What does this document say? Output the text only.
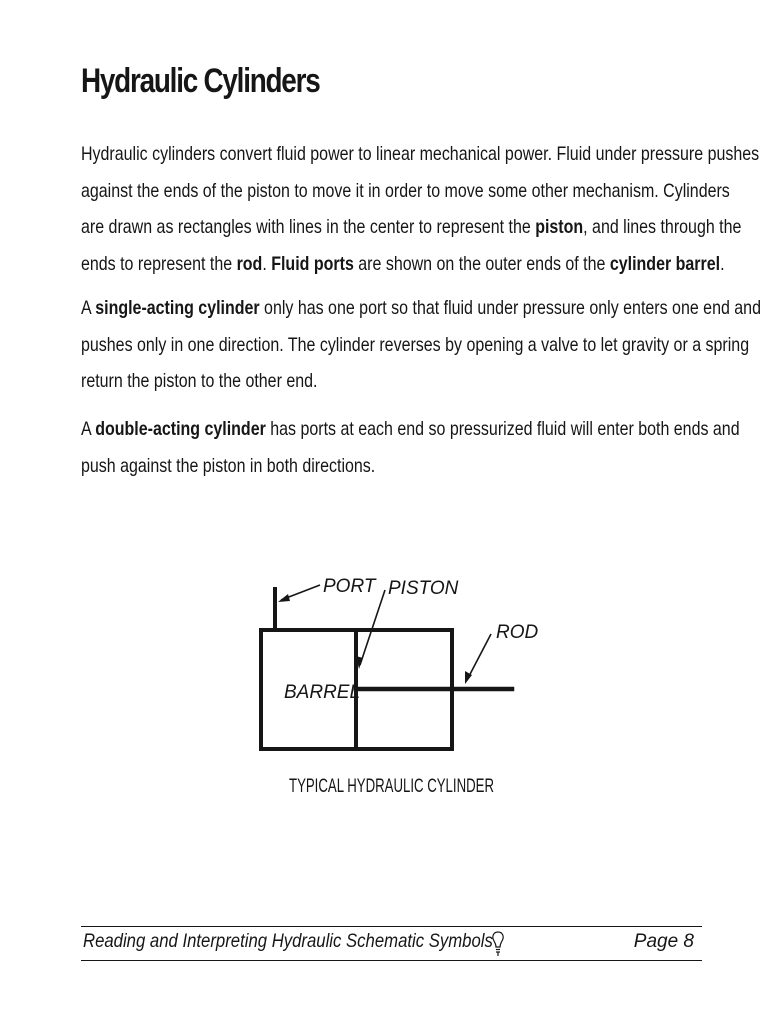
Hydraulic Cylinders
Hydraulic cylinders convert fluid power to linear mechanical power. Fluid under pressure pushes
against the ends of the piston to move it in order to move some other mechanism. Cylinders
are drawn as rectangles with lines in the center to represent the piston, and lines through the
ends to represent the rod. Fluid ports are shown on the outer ends of the cylinder barrel.
A single-acting cylinder only has one port so that fluid under pressure only enters one end and
pushes only in one direction. The cylinder reverses by opening a valve to let gravity or a spring
return the piston to the other end.
A double-acting cylinder has ports at each end so pressurized fluid will enter both ends and
push against the piston in both directions.
PORT PISTON
ROD
BARREL
TYPICAL HYDRAULIC CYLINDER
Reading and Interpreting Hydraulic Schematic Symbols	Page 8
